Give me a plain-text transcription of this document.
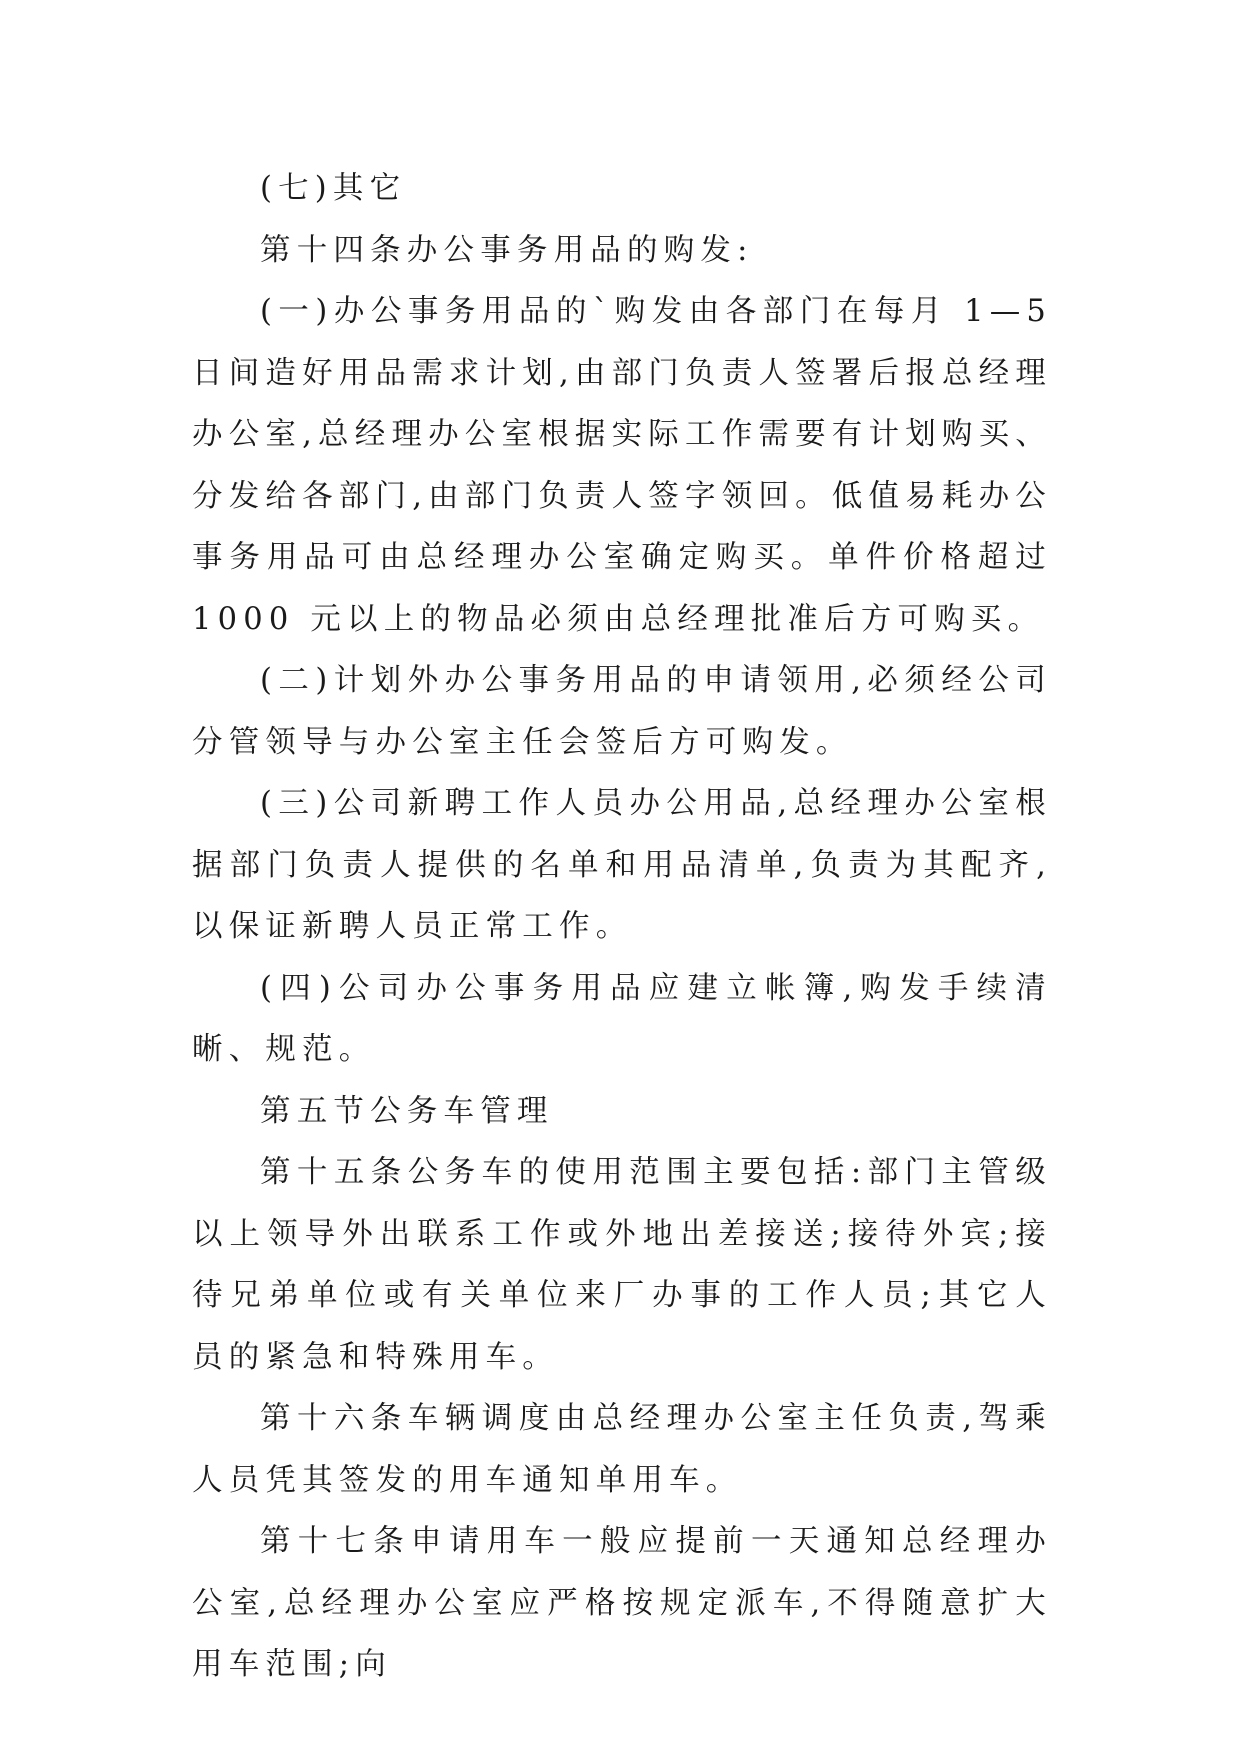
(七)其它

第十四条办公事务用品的购发:

(一)办公事务用品的`购发由各部门在每月 1—5 日间造好用品需求计划,由部门负责人签署后报总经理办公室,总经理办公室根据实际工作需要有计划购买、分发给各部门,由部门负责人签字领回。低值易耗办公事务用品可由总经理办公室确定购买。单件价格超过 1000 元以上的物品必须由总经理批准后方可购买。

(二)计划外办公事务用品的申请领用,必须经公司分管领导与办公室主任会签后方可购发。

(三)公司新聘工作人员办公用品,总经理办公室根据部门负责人提供的名单和用品清单,负责为其配齐,以保证新聘人员正常工作。

(四)公司办公事务用品应建立帐簿,购发手续清晰、规范。

第五节公务车管理

第十五条公务车的使用范围主要包括:部门主管级以上领导外出联系工作或外地出差接送;接待外宾;接待兄弟单位或有关单位来厂办事的工作人员;其它人员的紧急和特殊用车。

第十六条车辆调度由总经理办公室主任负责,驾乘人员凭其签发的用车通知单用车。

第十七条申请用车一般应提前一天通知总经理办公室,总经理办公室应严格按规定派车,不得随意扩大用车范围;向
